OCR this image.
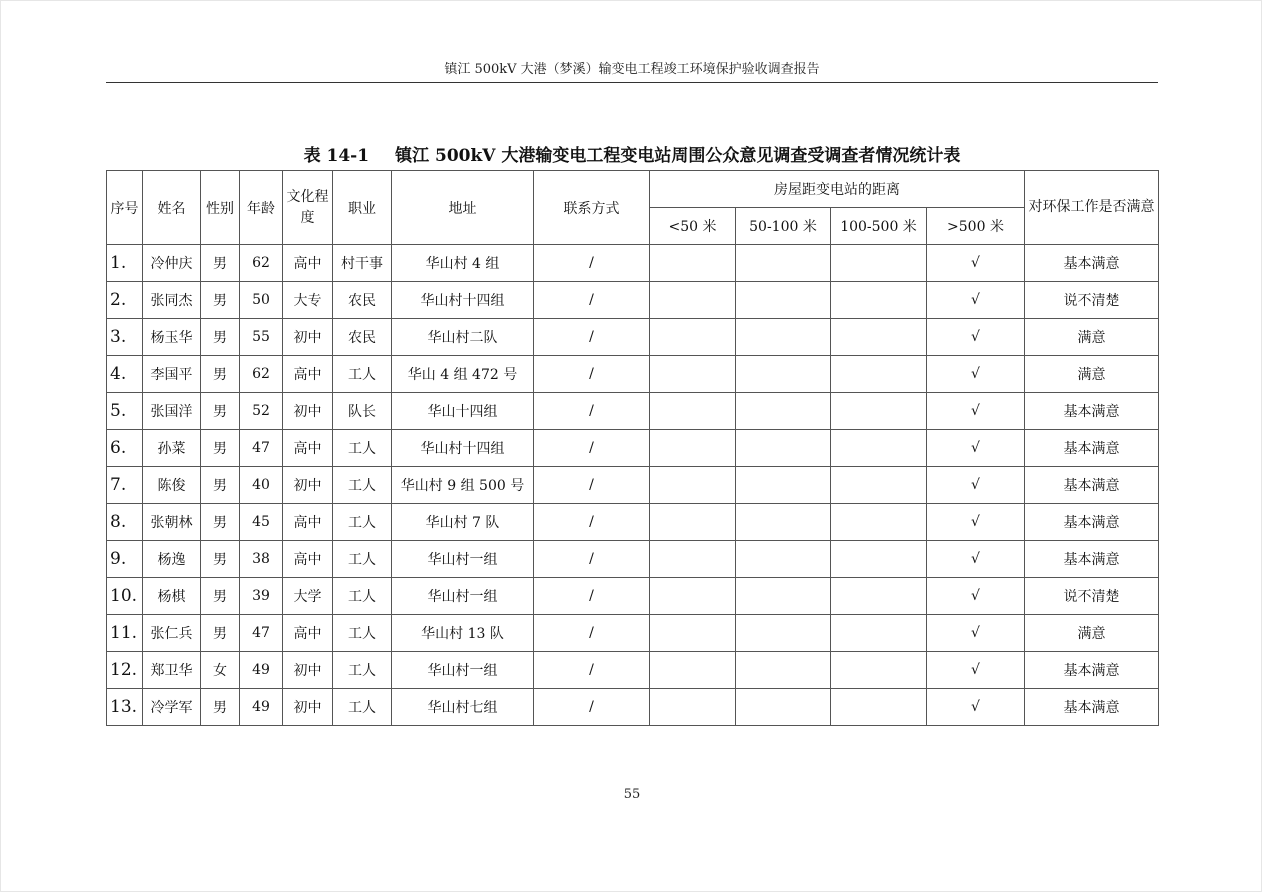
镇江 500kV 大港（梦溪）输变电工程竣工环境保护验收调查报告
表 14-1 镇江 500kV 大港输变电工程变电站周围公众意见调查受调查者情况统计表
序号	姓名	性别	年龄	文化程度	职业	地址	联系方式	房屋距变电站的距离				对环保工作是否满意
								<50 米	50-100 米	100-500 米	>500 米	
1.	冷仲庆	男	62	高中	村干事	华山村 4 组	/				√	基本满意
2.	张同杰	男	50	大专	农民	华山村十四组	/				√	说不清楚
3.	杨玉华	男	55	初中	农民	华山村二队	/				√	满意
4.	李国平	男	62	高中	工人	华山 4 组 472 号	/				√	满意
5.	张国洋	男	52	初中	队长	华山十四组	/				√	基本满意
6.	孙菜	男	47	高中	工人	华山村十四组	/				√	基本满意
7.	陈俊	男	40	初中	工人	华山村 9 组 500 号	/				√	基本满意
8.	张朝林	男	45	高中	工人	华山村 7 队	/				√	基本满意
9.	杨逸	男	38	高中	工人	华山村一组	/				√	基本满意
10.	杨棋	男	39	大学	工人	华山村一组	/				√	说不清楚
11.	张仁兵	男	47	高中	工人	华山村 13 队	/				√	满意
12.	郑卫华	女	49	初中	工人	华山村一组	/				√	基本满意
13.	冷学军	男	49	初中	工人	华山村七组	/				√	基本满意
55
